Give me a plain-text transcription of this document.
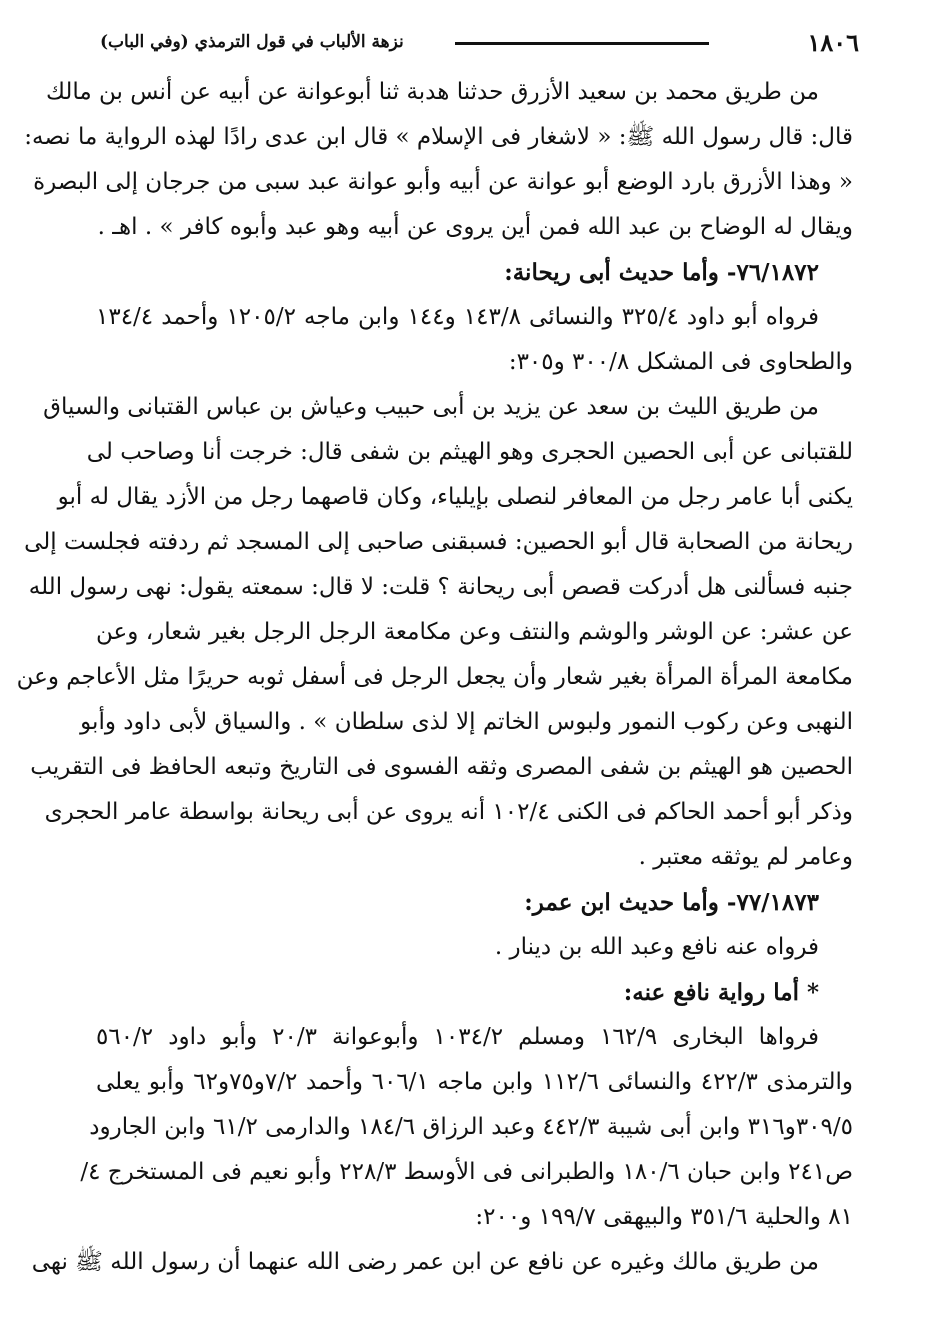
١٨٠٦
نزهة الألباب في قول الترمذي (وفي الباب)
من طريق محمد بن سعيد الأزرق حدثنا هدبة ثنا أبوعوانة عن أبيه عن أنس بن مالك
قال: قال رسول الله ﷺ: « لاشغار فى الإسلام » قال ابن عدى رادًا لهذه الرواية ما نصه:
« وهذا الأزرق بارد الوضع أبو عوانة عن أبيه وأبو عوانة عبد سبى من جرجان إلى البصرة
ويقال له الوضاح بن عبد الله فمن أين يروى عن أبيه وهو عبد وأبوه كافر » . اهـ .
٧٦/١٨٧٢- وأما حديث أبى ريحانة:
فرواه أبو داود ٣٢٥/٤ والنسائى ١٤٣/٨ و١٤٤ وابن ماجه ١٢٠٥/٢ وأحمد ١٣٤/٤
والطحاوى فى المشكل ٣٠٠/٨ و٣٠٥:
من طريق الليث بن سعد عن يزيد بن أبى حبيب وعياش بن عباس القتبانى والسياق
للقتبانى عن أبى الحصين الحجرى وهو الهيثم بن شفى قال: خرجت أنا وصاحب لى
يكنى أبا عامر رجل من المعافر لنصلى بإيلياء، وكان قاصهما رجل من الأزد يقال له أبو
ريحانة من الصحابة قال أبو الحصين: فسبقنى صاحبى إلى المسجد ثم ردفته فجلست إلى
جنبه فسألنى هل أدركت قصص أبى ريحانة ؟ قلت: لا قال: سمعته يقول: نهى رسول الله
عن عشر: عن الوشر والوشم والنتف وعن مكامعة الرجل الرجل بغير شعار، وعن
مكامعة المرأة المرأة بغير شعار وأن يجعل الرجل فى أسفل ثوبه حريرًا مثل الأعاجم وعن
النهبى وعن ركوب النمور ولبوس الخاتم إلا لذى سلطان » . والسياق لأبى داود وأبو
الحصين هو الهيثم بن شفى المصرى وثقه الفسوى فى التاريخ وتبعه الحافظ فى التقريب
وذكر أبو أحمد الحاكم فى الكنى ١٠٢/٤ أنه يروى عن أبى ريحانة بواسطة عامر الحجرى
وعامر لم يوثقه معتبر .
٧٧/١٨٧٣- وأما حديث ابن عمر:
فرواه عنه نافع وعبد الله بن دينار .
* أما رواية نافع عنه:
فرواها البخارى ١٦٢/٩ ومسلم ١٠٣٤/٢ وأبوعوانة ٢٠/٣ وأبو داود ٥٦٠/٢
والترمذى ٤٢٢/٣ والنسائى ١١٢/٦ وابن ماجه ٦٠٦/١ وأحمد ٧/٢و٧٥و٦٢ وأبو يعلى
٣٠٩/٥و٣١٦ وابن أبى شيبة ٤٤٢/٣ وعبد الرزاق ١٨٤/٦ والدارمى ٦١/٢ وابن الجارود
ص٢٤١ وابن حبان ١٨٠/٦ والطبرانى فى الأوسط ٢٢٨/٣ وأبو نعيم فى المستخرج ٤/
٨١ والحلية ٣٥١/٦ والبيهقى ١٩٩/٧ و٢٠٠:
من طريق مالك وغيره عن نافع عن ابن عمر رضى الله عنهما أن رسول الله ﷺ نهى
